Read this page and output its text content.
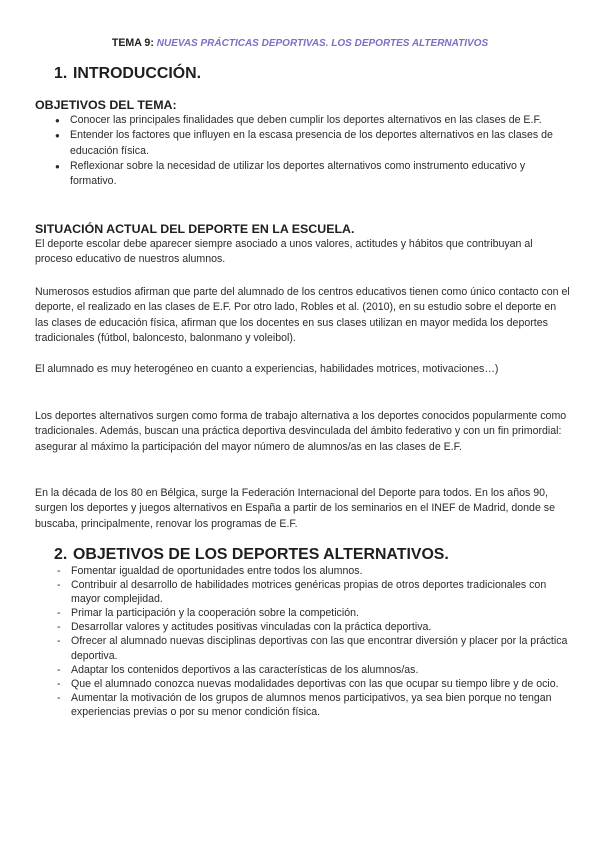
TEMA 9: NUEVAS PRÁCTICAS DEPORTIVAS. LOS DEPORTES ALTERNATIVOS
1. INTRODUCCIÓN.
OBJETIVOS DEL TEMA:
● Conocer las principales finalidades que deben cumplir los deportes alternativos en las clases de E.F.
● Entender los factores que influyen en la escasa presencia de los deportes alternativos en las clases de educación física.
● Reflexionar sobre la necesidad de utilizar los deportes alternativos como instrumento educativo y formativo.
SITUACIÓN ACTUAL DEL DEPORTE EN LA ESCUELA.

El deporte escolar debe aparecer siempre asociado a unos valores, actitudes y hábitos que contribuyan al proceso educativo de nuestros alumnos.

Numerosos estudios afirman que parte del alumnado de los centros educativos tienen como único contacto con el deporte, el realizado en las clases de E.F. Por otro lado, Robles et al. (2010), en su estudio sobre el deporte en las clases de educación física, afirman que los docentes en sus clases utilizan en mayor medida los deportes tradicionales (fútbol, baloncesto, balonmano y voleibol).

El alumnado es muy heterogéneo en cuanto a experiencias, habilidades motrices, motivaciones…)

Los deportes alternativos surgen como forma de trabajo alternativa a los deportes conocidos popularmente como tradicionales. Además, buscan una práctica deportiva desvinculada del ámbito federativo y con un fin primordial: asegurar al máximo la participación del mayor número de alumnos/as en las clases de E.F.

En la década de los 80 en Bélgica, surge la Federación Internacional del Deporte para todos. En los años 90, surgen los deportes y juegos alternativos en España a partir de los seminarios en el INEF de Madrid, donde se buscaba, principalmente, renovar los programas de E.F.

2. OBJETIVOS DE LOS DEPORTES ALTERNATIVOS.
- Fomentar igualdad de oportunidades entre todos los alumnos.
- Contribuir al desarrollo de habilidades motrices genéricas propias de otros deportes tradicionales con mayor complejidad.
- Primar la participación y la cooperación sobre la competición.
- Desarrollar valores y actitudes positivas vinculadas con la práctica deportiva.
- Ofrecer al alumnado nuevas disciplinas deportivas con las que encontrar diversión y placer por la práctica deportiva.
- Adaptar los contenidos deportivos a las características de los alumnos/as.
- Que el alumnado conozca nuevas modalidades deportivas con las que ocupar su tiempo libre y de ocio.
- Aumentar la motivación de los grupos de alumnos menos participativos, ya sea bien porque no tengan experiencias previas o por su menor condición física.
